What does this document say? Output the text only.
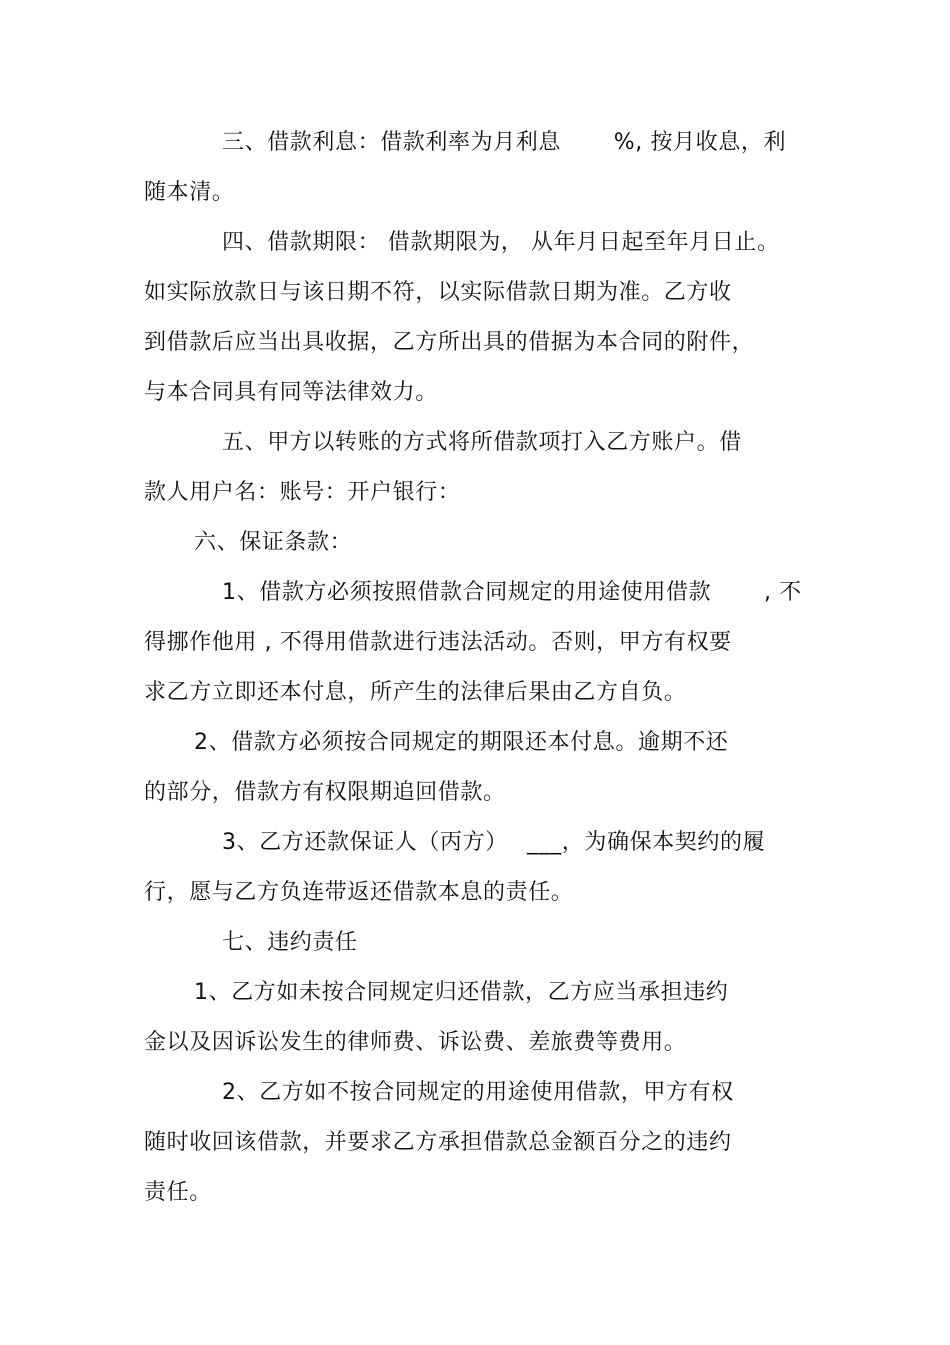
三、借款利息：借款利率为月利息　　 %, 按月收息，利
随本清。
四、借款期限： 借款期限为， 从年月日起至年月日止。
如实际放款日与该日期不符，以实际借款日期为准。乙方收
到借款后应当出具收据，乙方所出具的借据为本合同的附件，
与本合同具有同等法律效力。
五、甲方以转账的方式将所借款项打入乙方账户。借
款人用户名：账号：开户银行：
六、保证条款：
1、借款方必须按照借款合同规定的用途使用借款　　 , 不
得挪作他用 , 不得用借款进行违法活动。否则，甲方有权要
求乙方立即还本付息，所产生的法律后果由乙方自负。
2、借款方必须按合同规定的期限还本付息。逾期不还
的部分，借款方有权限期追回借款。
3、乙方还款保证人（丙方）　 ___，为确保本契约的履
行，愿与乙方负连带返还借款本息的责任。
七、违约责任
1、乙方如未按合同规定归还借款，乙方应当承担违约
金以及因诉讼发生的律师费、诉讼费、差旅费等费用。
2、乙方如不按合同规定的用途使用借款，甲方有权
随时收回该借款，并要求乙方承担借款总金额百分之的违约
责任。
